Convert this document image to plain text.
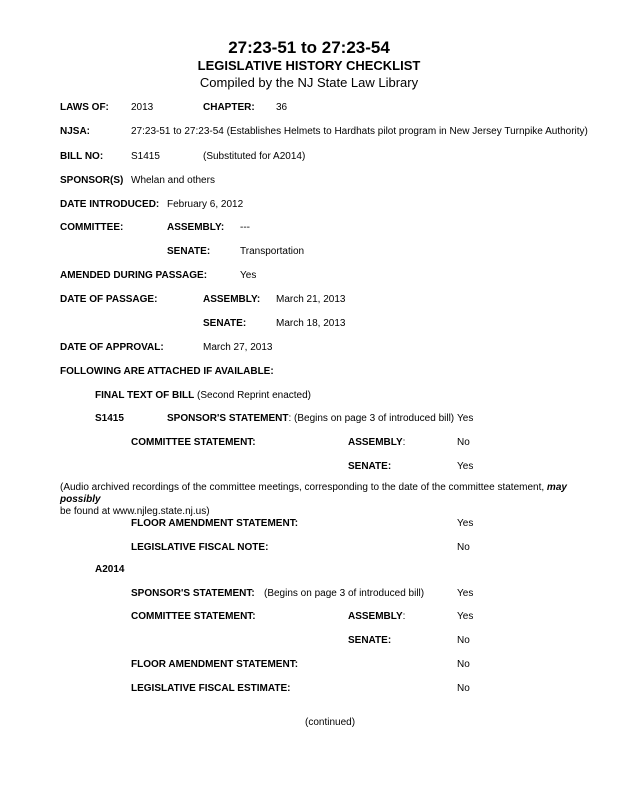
27:23-51 to 27:23-54
LEGISLATIVE HISTORY CHECKLIST
Compiled by the NJ State Law Library
LAWS OF: 2013	CHAPTER: 36
NJSA:	27:23-51 to 27:23-54 (Establishes Helmets to Hardhats pilot program in New Jersey Turnpike Authority)
BILL NO:	S1415	(Substituted for A2014)
SPONSOR(S) Whelan and others
DATE INTRODUCED: February 6, 2012
COMMITTEE:	ASSEMBLY: ---
SENATE:	Transportation
AMENDED DURING PASSAGE:	Yes
DATE OF PASSAGE:	ASSEMBLY: March 21, 2013
SENATE:	March 18, 2013
DATE OF APPROVAL:	March 27, 2013
FOLLOWING ARE ATTACHED IF AVAILABLE:
FINAL TEXT OF BILL (Second Reprint enacted)
S1415	SPONSOR'S STATEMENT: (Begins on page 3 of introduced bill) Yes
COMMITTEE STATEMENT:	ASSEMBLY:	No
SENATE:	Yes
(Audio archived recordings of the committee meetings, corresponding to the date of the committee statement, may possibly
be found at www.njleg.state.nj.us)
FLOOR AMENDMENT STATEMENT:	Yes
LEGISLATIVE FISCAL NOTE:	No
A2014
SPONSOR'S STATEMENT: (Begins on page 3 of introduced bill)	Yes
COMMITTEE STATEMENT:	ASSEMBLY:	Yes
SENATE:	No
FLOOR AMENDMENT STATEMENT:	No
LEGISLATIVE FISCAL ESTIMATE:	No
(continued)
